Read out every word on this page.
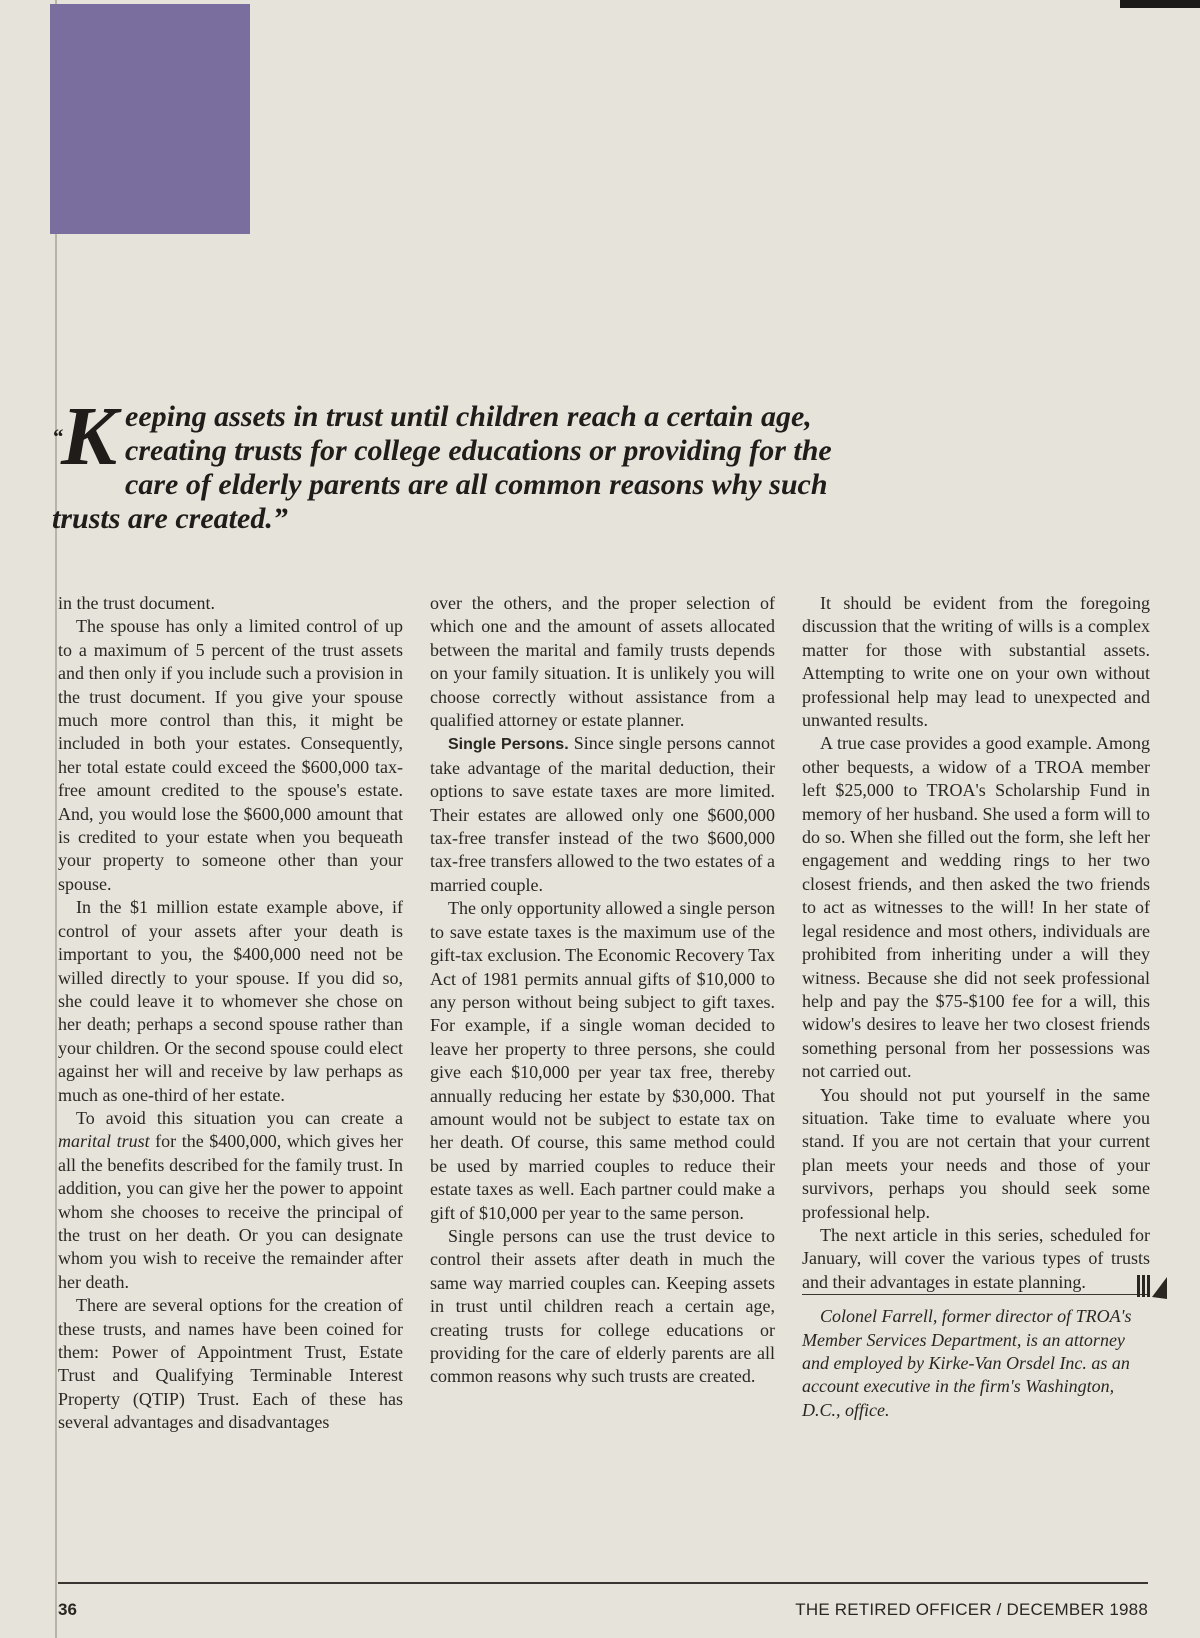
“K eeping assets in trust until children reach a certain age, creating trusts for college educations or providing for the care of elderly parents are all common reasons why such trusts are created.”

in the trust document.

The spouse has only a limited control of up to a maximum of 5 percent of the trust assets and then only if you include such a provision in the trust document. If you give your spouse much more control than this, it might be included in both your estates. Consequently, her total estate could exceed the $600,000 tax-free amount credited to the spouse's estate. And, you would lose the $600,000 amount that is credited to your estate when you bequeath your property to someone other than your spouse.

In the $1 million estate example above, if control of your assets after your death is important to you, the $400,000 need not be willed directly to your spouse. If you did so, she could leave it to whomever she chose on her death; perhaps a second spouse rather than your children. Or the second spouse could elect against her will and receive by law perhaps as much as one-third of her estate.

To avoid this situation you can create a marital trust for the $400,000, which gives her all the benefits described for the family trust. In addition, you can give her the power to appoint whom she chooses to receive the principal of the trust on her death. Or you can designate whom you wish to receive the remainder after her death.

There are several options for the creation of these trusts, and names have been coined for them: Power of Appointment Trust, Estate Trust and Qualifying Terminable Interest Property (QTIP) Trust. Each of these has several advantages and disadvantages

over the others, and the proper selection of which one and the amount of assets allocated between the marital and family trusts depends on your family situation. It is unlikely you will choose correctly without assistance from a qualified attorney or estate planner.

Single Persons. Since single persons cannot take advantage of the marital deduction, their options to save estate taxes are more limited. Their estates are allowed only one $600,000 tax-free transfer instead of the two $600,000 tax-free transfers allowed to the two estates of a married couple.

The only opportunity allowed a single person to save estate taxes is the maximum use of the gift-tax exclusion. The Economic Recovery Tax Act of 1981 permits annual gifts of $10,000 to any person without being subject to gift taxes. For example, if a single woman decided to leave her property to three persons, she could give each $10,000 per year tax free, thereby annually reducing her estate by $30,000. That amount would not be subject to estate tax on her death. Of course, this same method could be used by married couples to reduce their estate taxes as well. Each partner could make a gift of $10,000 per year to the same person.

Single persons can use the trust device to control their assets after death in much the same way married couples can. Keeping assets in trust until children reach a certain age, creating trusts for college educations or providing for the care of elderly parents are all common reasons why such trusts are created.

It should be evident from the foregoing discussion that the writing of wills is a complex matter for those with substantial assets. Attempting to write one on your own without professional help may lead to unexpected and unwanted results.

A true case provides a good example. Among other bequests, a widow of a TROA member left $25,000 to TROA's Scholarship Fund in memory of her husband. She used a form will to do so. When she filled out the form, she left her engagement and wedding rings to her two closest friends, and then asked the two friends to act as witnesses to the will! In her state of legal residence and most others, individuals are prohibited from inheriting under a will they witness. Because she did not seek professional help and pay the $75-$100 fee for a will, this widow's desires to leave her two closest friends something personal from her possessions was not carried out.

You should not put yourself in the same situation. Take time to evaluate where you stand. If you are not certain that your current plan meets your needs and those of your survivors, perhaps you should seek some professional help.

The next article in this series, scheduled for January, will cover the various types of trusts and their advantages in estate planning.

Colonel Farrell, former director of TROA's Member Services Department, is an attorney and employed by Kirke-Van Orsdel Inc. as an account executive in the firm's Washington, D.C., office.

36	THE RETIRED OFFICER / DECEMBER 1988
